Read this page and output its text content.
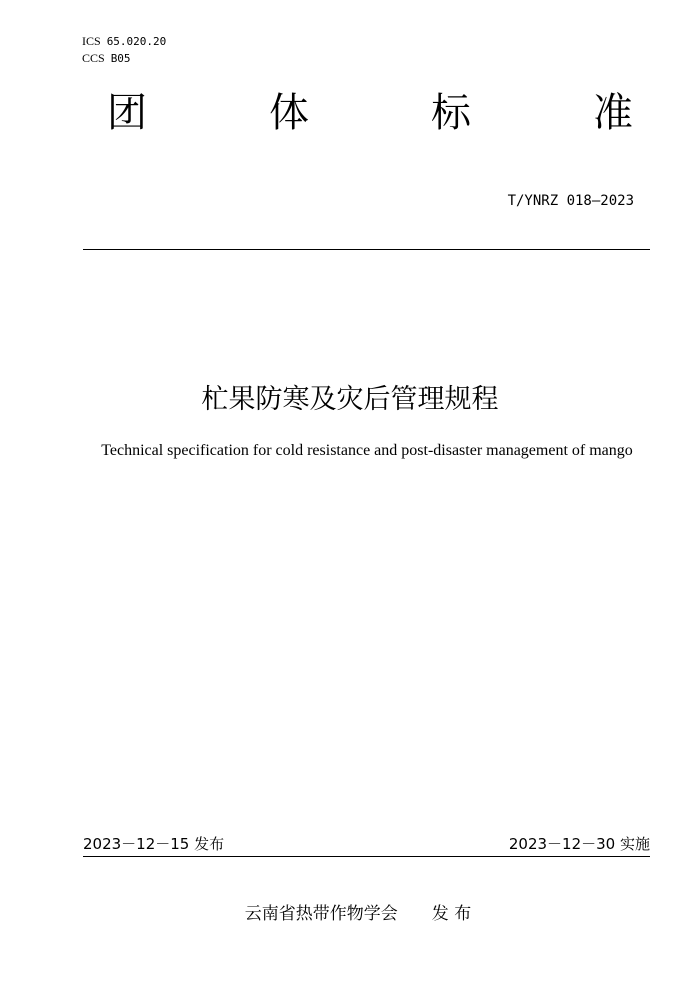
ICS 65.020.20
CCS B05
团	体	标	准
T/YNRZ 018—2023
杧果防寒及灾后管理规程
Technical specification for cold resistance and post-disaster management of mango
2023－12－15 发布	2023－12－30 实施
云南省热带作物学会 发 布
